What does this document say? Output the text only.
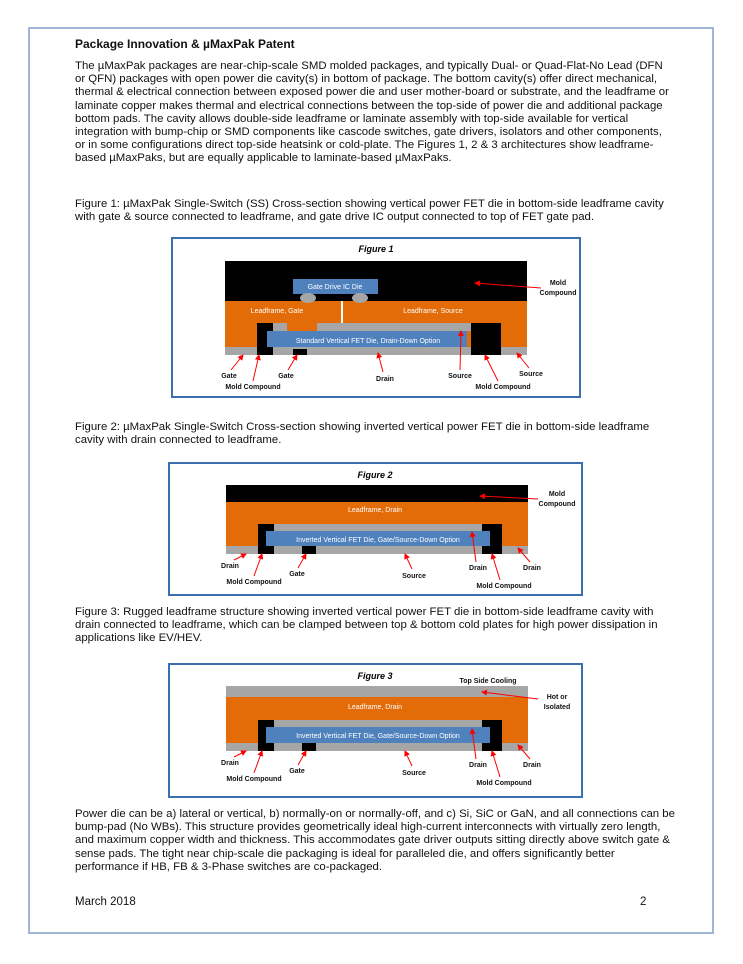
Package Innovation & µMaxPak Patent
The µMaxPak packages are near-chip-scale SMD molded packages, and typically Dual- or Quad-Flat-No Lead (DFN or QFN) packages with open power die cavity(s) in bottom of package. The bottom cavity(s) offer direct mechanical, thermal & electrical connection between exposed power die and user mother-board or substrate, and the leadframe or laminate copper makes thermal and electrical connections between the top-side of power die and additional package bottom pads. The cavity allows double-side leadframe or laminate assembly with top-side available for vertical integration with bump-chip or SMD components like cascode switches, gate drivers, isolators and other components, or in some configurations direct top-side heatsink or cold-plate. The Figures 1, 2 & 3 architectures show leadframe-based µMaxPaks, but are equally applicable to laminate-based µMaxPaks.
Figure 1: µMaxPak Single-Switch (SS) Cross-section showing vertical power FET die in bottom-side leadframe cavity with gate & source connected to leadframe, and gate drive IC output connected to top of FET gate pad.
Figure 1
Gate Drive IC Die
Leadframe, Gate	Leadframe, Source
Standard Vertical FET Die, Drain-Down Option
Mold
Compound
Gate
Mold Compound
Gate	Drain	Source
Mold Compound
Source
Figure 2: µMaxPak Single-Switch Cross-section showing inverted vertical power FET die in bottom-side leadframe cavity with drain connected to leadframe.
Figure 2
Leadframe, Drain
Inverted Vertical FET Die, Gate/Source-Down Option
Mold
Compound
Drain
Mold Compound
Gate	Source
Drain
Mold Compound
Drain
Figure 3: Rugged leadframe structure showing inverted vertical power FET die in bottom-side leadframe cavity with drain connected to leadframe, which can be clamped between top & bottom cold plates for high power dissipation in applications like EV/HEV.
Figure 3
Top Side Cooling
Leadframe, Drain
Inverted Vertical FET Die, Gate/Source-Down Option
Hot or
Isolated
Drain
Mold Compound
Gate	Source
Drain
Mold Compound
Drain
Power die can be a) lateral or vertical, b) normally-on or normally-off, and c) Si, SiC or GaN, and all connections can be bump-pad (No WBs). This structure provides geometrically ideal high-current interconnects with virtually zero length, and maximum copper width and thickness. This accommodates gate driver outputs sitting directly above switch gate & sense pads. The tight near chip-scale die packaging is ideal for paralleled die, and offers significantly better performance if HB, FB & 3-Phase switches are co-packaged.
March 2018	2
